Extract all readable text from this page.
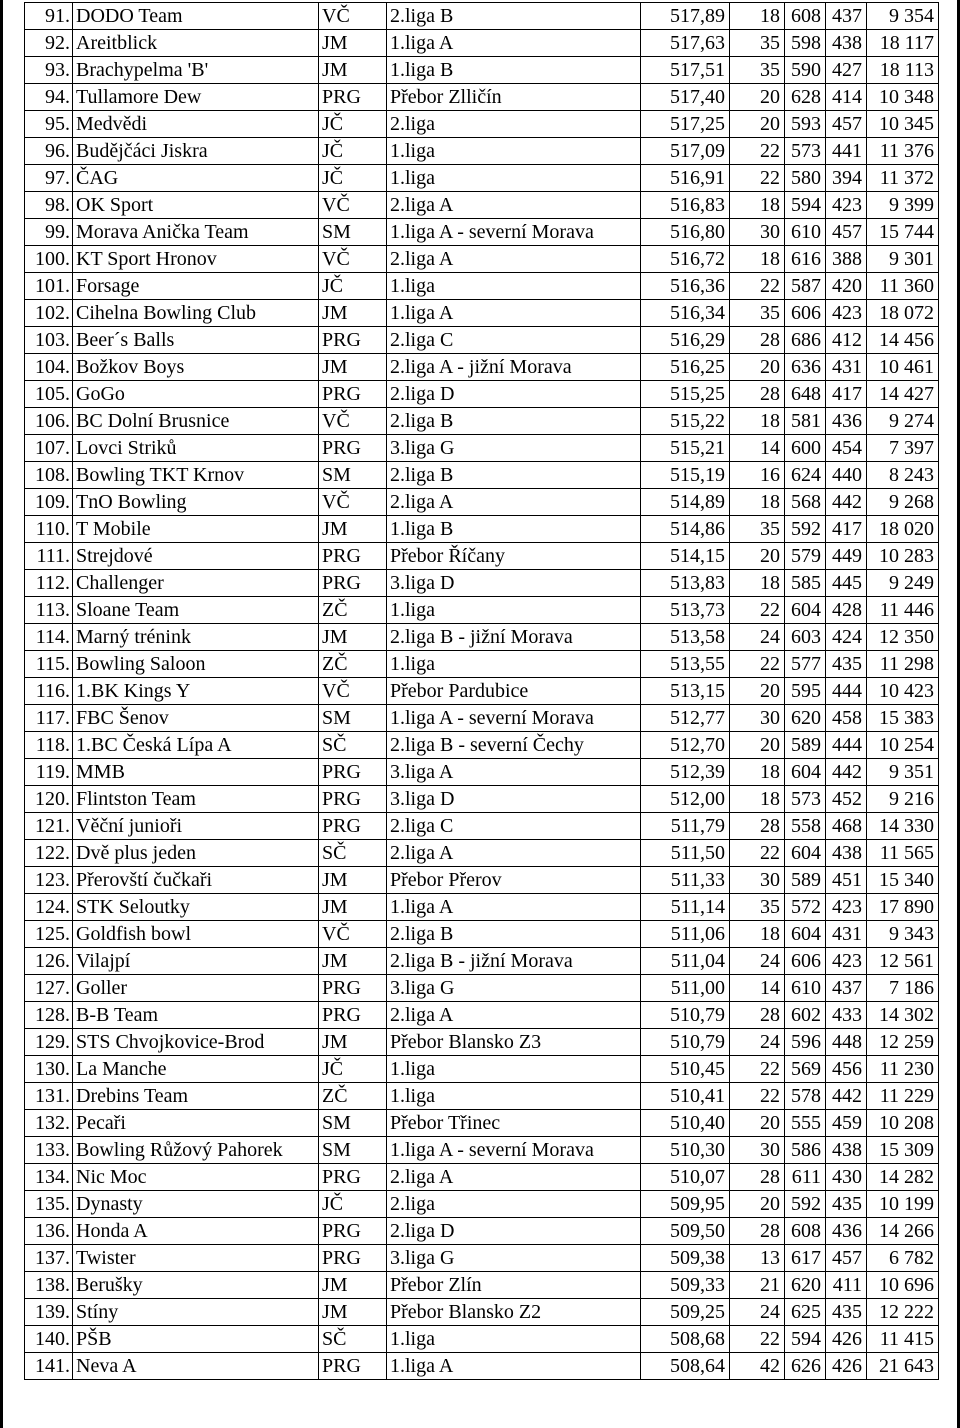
91.	DODO Team	VČ	2.liga B	517,89	18	608	437	9 354
92.	Areitblick	JM	1.liga A	517,63	35	598	438	18 117
93.	Brachypelma 'B'	JM	1.liga B	517,51	35	590	427	18 113
94.	Tullamore Dew	PRG	Přebor Zlličín	517,40	20	628	414	10 348
95.	Medvědi	JČ	2.liga	517,25	20	593	457	10 345
96.	Budějčáci Jiskra	JČ	1.liga	517,09	22	573	441	11 376
97.	ČAG	JČ	1.liga	516,91	22	580	394	11 372
98.	OK Sport	VČ	2.liga A	516,83	18	594	423	9 399
99.	Morava Anička Team	SM	1.liga A - severní Morava	516,80	30	610	457	15 744
100.	KT Sport Hronov	VČ	2.liga A	516,72	18	616	388	9 301
101.	Forsage	JČ	1.liga	516,36	22	587	420	11 360
102.	Cihelna Bowling Club	JM	1.liga A	516,34	35	606	423	18 072
103.	Beer´s Balls	PRG	2.liga C	516,29	28	686	412	14 456
104.	Božkov Boys	JM	2.liga A - jižní Morava	516,25	20	636	431	10 461
105.	GoGo	PRG	2.liga D	515,25	28	648	417	14 427
106.	BC Dolní Brusnice	VČ	2.liga B	515,22	18	581	436	9 274
107.	Lovci Striků	PRG	3.liga G	515,21	14	600	454	7 397
108.	Bowling TKT Krnov	SM	2.liga B	515,19	16	624	440	8 243
109.	TnO Bowling	VČ	2.liga A	514,89	18	568	442	9 268
110.	T Mobile	JM	1.liga B	514,86	35	592	417	18 020
111.	Strejdové	PRG	Přebor Říčany	514,15	20	579	449	10 283
112.	Challenger	PRG	3.liga D	513,83	18	585	445	9 249
113.	Sloane Team	ZČ	1.liga	513,73	22	604	428	11 446
114.	Marný trénink	JM	2.liga B - jižní Morava	513,58	24	603	424	12 350
115.	Bowling Saloon	ZČ	1.liga	513,55	22	577	435	11 298
116.	1.BK Kings Y	VČ	Přebor Pardubice	513,15	20	595	444	10 423
117.	FBC Šenov	SM	1.liga A - severní Morava	512,77	30	620	458	15 383
118.	1.BC Česká Lípa A	SČ	2.liga B - severní Čechy	512,70	20	589	444	10 254
119.	MMB	PRG	3.liga A	512,39	18	604	442	9 351
120.	Flintston Team	PRG	3.liga D	512,00	18	573	452	9 216
121.	Věční junioři	PRG	2.liga C	511,79	28	558	468	14 330
122.	Dvě plus jeden	SČ	2.liga A	511,50	22	604	438	11 565
123.	Přerovští čučkaři	JM	Přebor Přerov	511,33	30	589	451	15 340
124.	STK Seloutky	JM	1.liga A	511,14	35	572	423	17 890
125.	Goldfish bowl	VČ	2.liga B	511,06	18	604	431	9 343
126.	Vilajpí	JM	2.liga B - jižní Morava	511,04	24	606	423	12 561
127.	Goller	PRG	3.liga G	511,00	14	610	437	7 186
128.	B-B Team	PRG	2.liga A	510,79	28	602	433	14 302
129.	STS Chvojkovice-Brod	JM	Přebor Blansko Z3	510,79	24	596	448	12 259
130.	La Manche	JČ	1.liga	510,45	22	569	456	11 230
131.	Drebins Team	ZČ	1.liga	510,41	22	578	442	11 229
132.	Pecaři	SM	Přebor Třinec	510,40	20	555	459	10 208
133.	Bowling Růžový Pahorek	SM	1.liga A - severní Morava	510,30	30	586	438	15 309
134.	Nic Moc	PRG	2.liga A	510,07	28	611	430	14 282
135.	Dynasty	JČ	2.liga	509,95	20	592	435	10 199
136.	Honda A	PRG	2.liga D	509,50	28	608	436	14 266
137.	Twister	PRG	3.liga G	509,38	13	617	457	6 782
138.	Berušky	JM	Přebor Zlín	509,33	21	620	411	10 696
139.	Stíny	JM	Přebor Blansko Z2	509,25	24	625	435	12 222
140.	PŠB	SČ	1.liga	508,68	22	594	426	11 415
141.	Neva A	PRG	1.liga A	508,64	42	626	426	21 643
